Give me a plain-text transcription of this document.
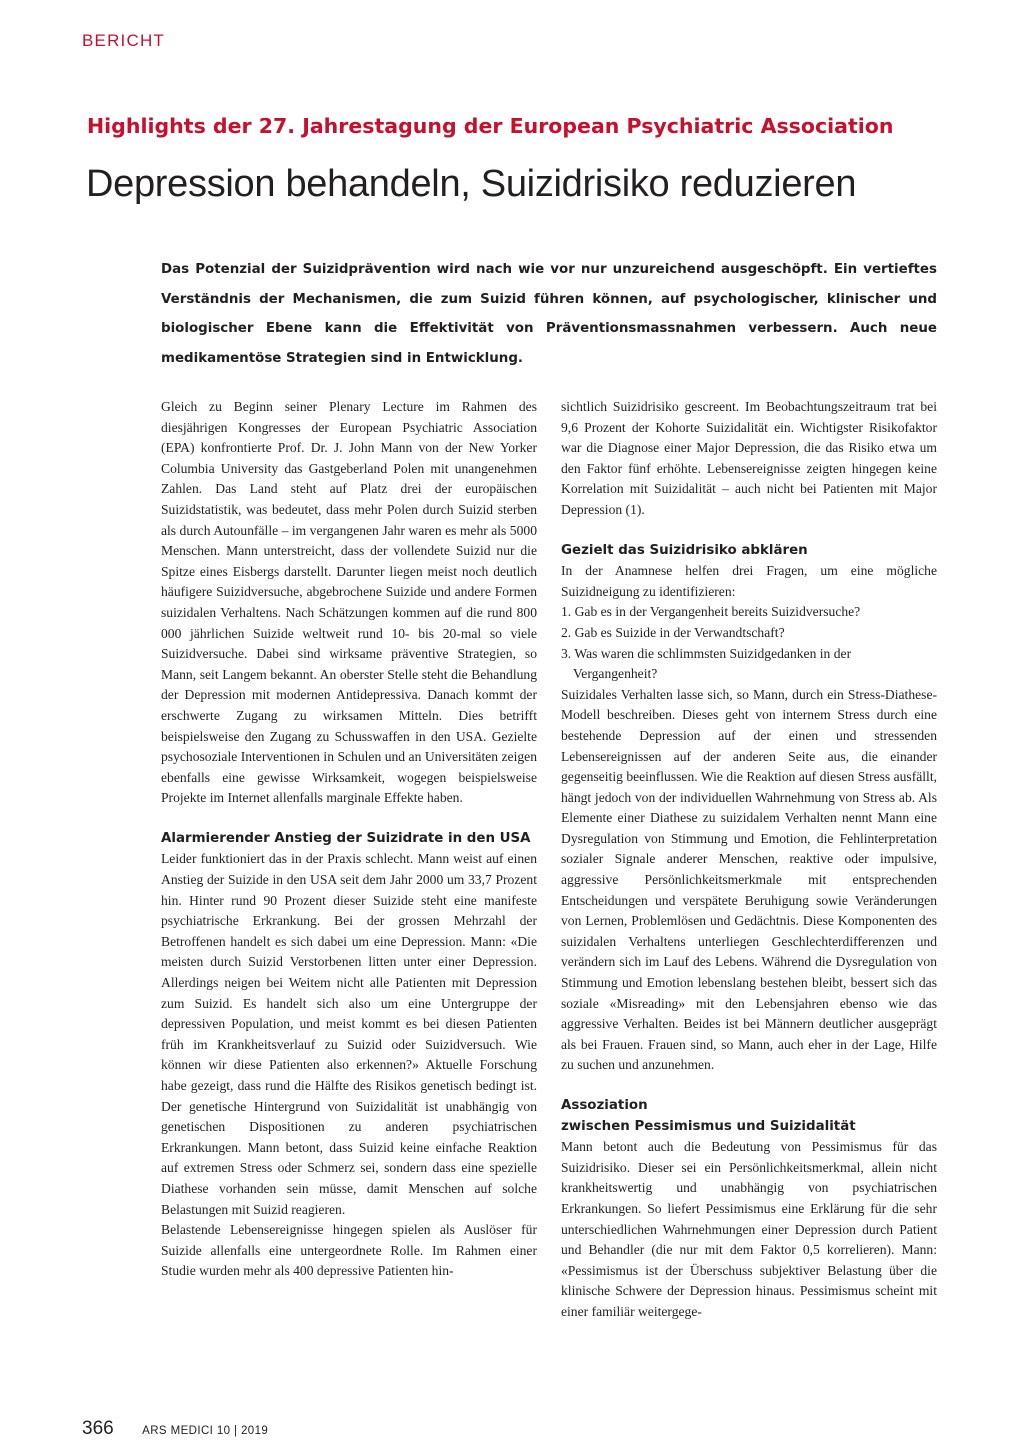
BERICHT
Highlights der 27. Jahrestagung der European Psychiatric Association
Depression behandeln, Suizidrisiko reduzieren
Das Potenzial der Suizidprävention wird nach wie vor nur unzureichend ausgeschöpft. Ein vertieftes Verständnis der Mechanismen, die zum Suizid führen können, auf psychologischer, klinischer und biologischer Ebene kann die Effektivität von Präventionsmassnahmen verbessern. Auch neue medikamentöse Strategien sind in Entwicklung.

Gleich zu Beginn seiner Plenary Lecture im Rahmen des diesjährigen Kongresses der European Psychiatric Association (EPA) konfrontierte Prof. Dr. J. John Mann von der New Yorker Columbia University das Gastgeberland Polen mit unangenehmen Zahlen. Das Land steht auf Platz drei der europäischen Suizidstatistik, was bedeutet, dass mehr Polen durch Suizid sterben als durch Autounfälle – im vergangenen Jahr waren es mehr als 5000 Menschen. Mann unterstreicht, dass der vollendete Suizid nur die Spitze eines Eisbergs darstellt. Darunter liegen meist noch deutlich häufigere Suizidversuche, abgebrochene Suizide und andere Formen suizidalen Verhaltens. Nach Schätzungen kommen auf die rund 800 000 jährlichen Suizide weltweit rund 10- bis 20-mal so viele Suizidversuche. Dabei sind wirksame präventive Strategien, so Mann, seit Langem bekannt. An oberster Stelle steht die Behandlung der Depression mit modernen Antidepressiva. Danach kommt der erschwerte Zugang zu wirksamen Mitteln. Dies betrifft beispielsweise den Zugang zu Schusswaffen in den USA. Gezielte psychosoziale Interventionen in Schulen und an Universitäten zeigen ebenfalls eine gewisse Wirksamkeit, wogegen beispielsweise Projekte im Internet allenfalls marginale Effekte haben.

Alarmierender Anstieg der Suizidrate in den USA

Leider funktioniert das in der Praxis schlecht. Mann weist auf einen Anstieg der Suizide in den USA seit dem Jahr 2000 um 33,7 Prozent hin. Hinter rund 90 Prozent dieser Suizide steht eine manifeste psychiatrische Erkrankung. Bei der grossen Mehrzahl der Betroffenen handelt es sich dabei um eine Depression. Mann: «Die meisten durch Suizid Verstorbenen litten unter einer Depression. Allerdings neigen bei Weitem nicht alle Patienten mit Depression zum Suizid. Es handelt sich also um eine Untergruppe der depressiven Population, und meist kommt es bei diesen Patienten früh im Krankheitsverlauf zu Suizid oder Suizidversuch. Wie können wir diese Patienten also erkennen?» Aktuelle Forschung habe gezeigt, dass rund die Hälfte des Risikos genetisch bedingt ist. Der genetische Hintergrund von Suizidalität ist unabhängig von genetischen Dispositionen zu anderen psychiatrischen Erkrankungen. Mann betont, dass Suizid keine einfache Reaktion auf extremen Stress oder Schmerz sei, sondern dass eine spezielle Diathese vorhanden sein müsse, damit Menschen auf solche Belastungen mit Suizid reagieren.

Belastende Lebensereignisse hingegen spielen als Auslöser für Suizide allenfalls eine untergeordnete Rolle. Im Rahmen einer Studie wurden mehr als 400 depressive Patienten hin-

sichtlich Suizidrisiko gescreent. Im Beobachtungszeitraum trat bei 9,6 Prozent der Kohorte Suizidalität ein. Wichtigster Risikofaktor war die Diagnose einer Major Depression, die das Risiko etwa um den Faktor fünf erhöhte. Lebensereignisse zeigten hingegen keine Korrelation mit Suizidalität – auch nicht bei Patienten mit Major Depression (1).

Gezielt das Suizidrisiko abklären

In der Anamnese helfen drei Fragen, um eine mögliche Suizidneigung zu identifizieren:

1. Gab es in der Vergangenheit bereits Suizidversuche?
2. Gab es Suizide in der Verwandtschaft?
3. Was waren die schlimmsten Suizidgedanken in der Vergangenheit?

Suizidales Verhalten lasse sich, so Mann, durch ein Stress-Diathese-Modell beschreiben. Dieses geht von internem Stress durch eine bestehende Depression auf der einen und stressenden Lebensereignissen auf der anderen Seite aus, die einander gegenseitig beeinflussen. Wie die Reaktion auf diesen Stress ausfällt, hängt jedoch von der individuellen Wahrnehmung von Stress ab. Als Elemente einer Diathese zu suizidalem Verhalten nennt Mann eine Dysregulation von Stimmung und Emotion, die Fehlinterpretation sozialer Signale anderer Menschen, reaktive oder impulsive, aggressive Persönlichkeitsmerkmale mit entsprechenden Entscheidungen und verspätete Beruhigung sowie Veränderungen von Lernen, Problemlösen und Gedächtnis. Diese Komponenten des suizidalen Verhaltens unterliegen Geschlechterdifferenzen und verändern sich im Lauf des Lebens. Während die Dysregulation von Stimmung und Emotion lebenslang bestehen bleibt, bessert sich das soziale «Misreading» mit den Lebensjahren ebenso wie das aggressive Verhalten. Beides ist bei Männern deutlicher ausgeprägt als bei Frauen. Frauen sind, so Mann, auch eher in der Lage, Hilfe zu suchen und anzunehmen.

Assoziation
zwischen Pessimismus und Suizidalität

Mann betont auch die Bedeutung von Pessimismus für das Suizidrisiko. Dieser sei ein Persönlichkeitsmerkmal, allein nicht krankheitswertig und unabhängig von psychiatrischen Erkrankungen. So liefert Pessimismus eine Erklärung für die sehr unterschiedlichen Wahrnehmungen einer Depression durch Patient und Behandler (die nur mit dem Faktor 0,5 korrelieren). Mann: «Pessimismus ist der Überschuss subjektiver Belastung über die klinische Schwere der Depression hinaus. Pessimismus scheint mit einer familiär weitergege-

366 ARS MEDICI 10 | 2019
